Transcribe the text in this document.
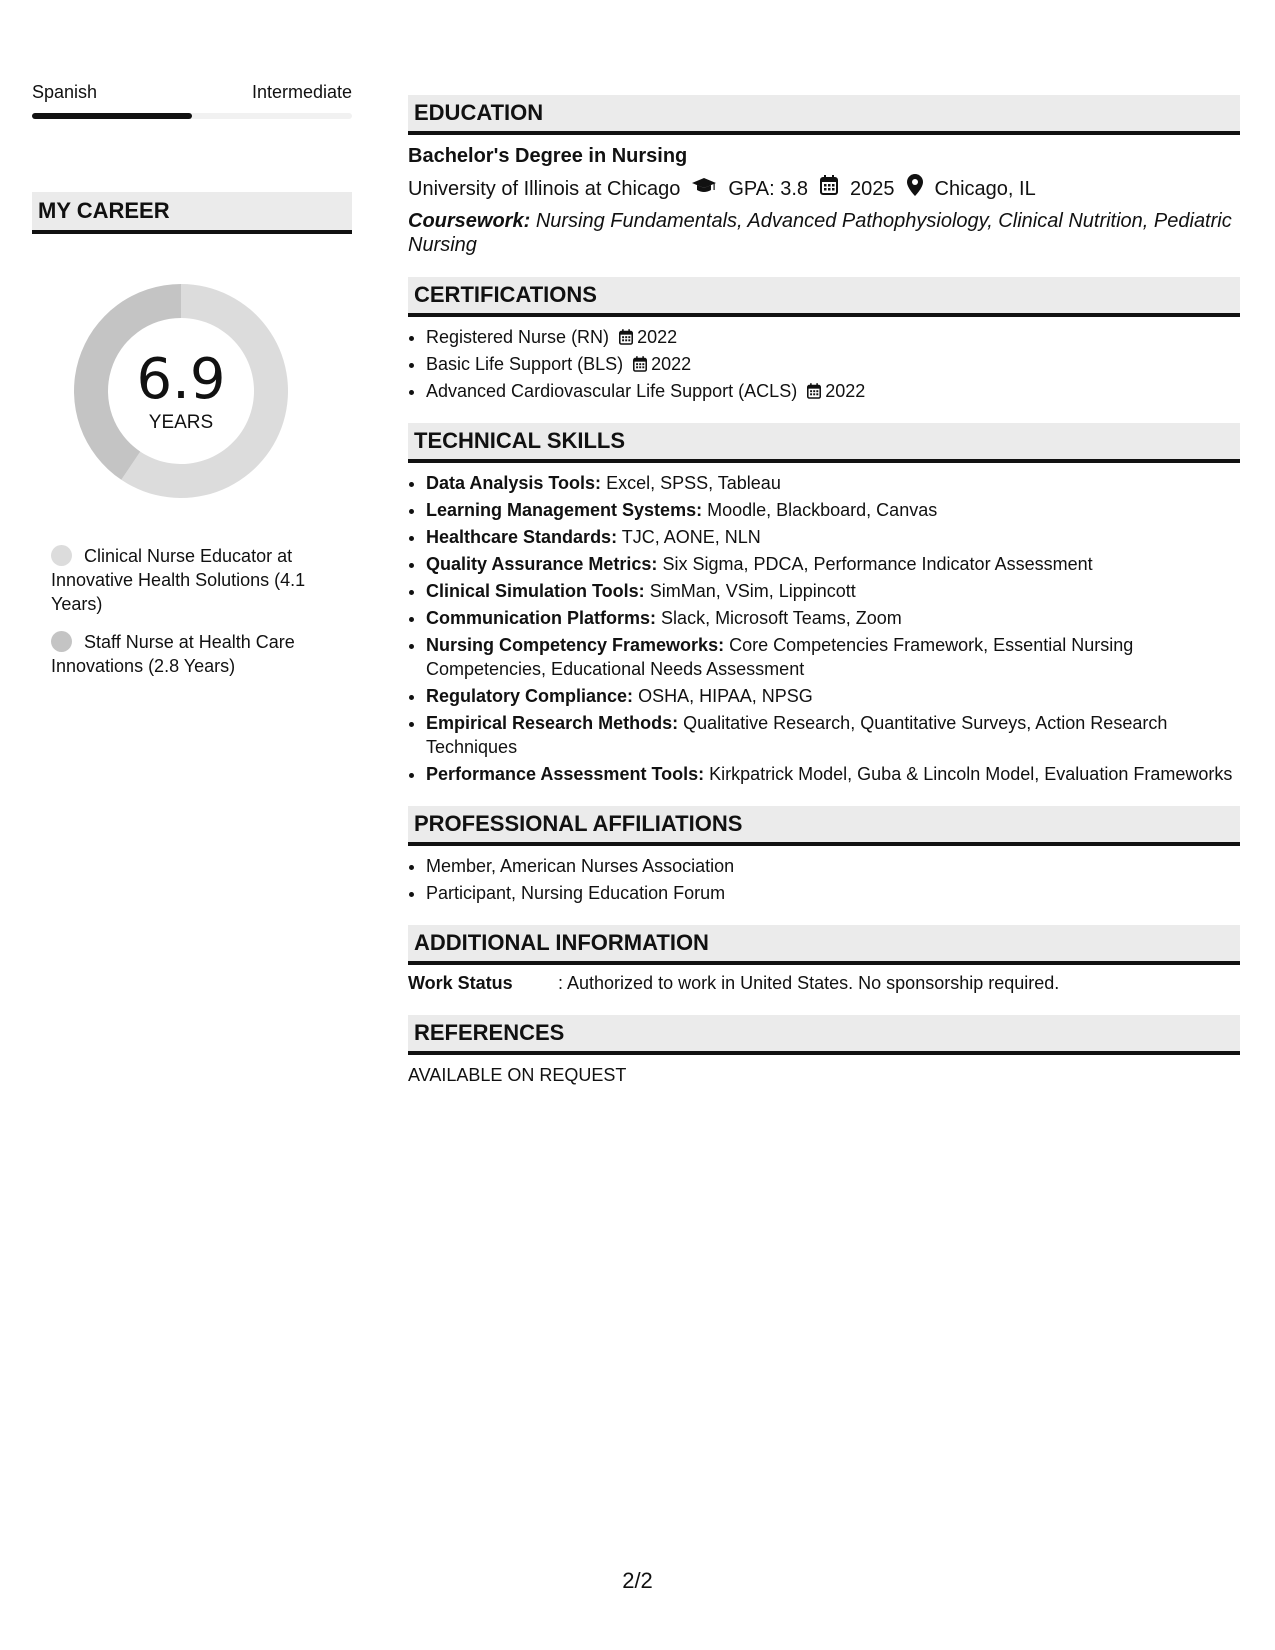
Spanish	Intermediate
MY CAREER
6.9
YEARS
Clinical Nurse Educator at Innovative Health Solutions (4.1 Years)
Staff Nurse at Health Care Innovations (2.8 Years)
EDUCATION
Bachelor's Degree in Nursing
University of Illinois at Chicago GPA: 3.8 2025 Chicago, IL
Coursework: Nursing Fundamentals, Advanced Pathophysiology, Clinical Nutrition, Pediatric Nursing
CERTIFICATIONS
• Registered Nurse (RN) 2022
• Basic Life Support (BLS) 2022
• Advanced Cardiovascular Life Support (ACLS) 2022
TECHNICAL SKILLS
• Data Analysis Tools: Excel, SPSS, Tableau
• Learning Management Systems: Moodle, Blackboard, Canvas
• Healthcare Standards: TJC, AONE, NLN
• Quality Assurance Metrics: Six Sigma, PDCA, Performance Indicator Assessment
• Clinical Simulation Tools: SimMan, VSim, Lippincott
• Communication Platforms: Slack, Microsoft Teams, Zoom
• Nursing Competency Frameworks: Core Competencies Framework, Essential Nursing Competencies, Educational Needs Assessment
• Regulatory Compliance: OSHA, HIPAA, NPSG
• Empirical Research Methods: Qualitative Research, Quantitative Surveys, Action Research Techniques
• Performance Assessment Tools: Kirkpatrick Model, Guba & Lincoln Model, Evaluation Frameworks
PROFESSIONAL AFFILIATIONS
• Member, American Nurses Association
• Participant, Nursing Education Forum
ADDITIONAL INFORMATION
Work Status	: Authorized to work in United States. No sponsorship required.
REFERENCES
AVAILABLE ON REQUEST
2/2
